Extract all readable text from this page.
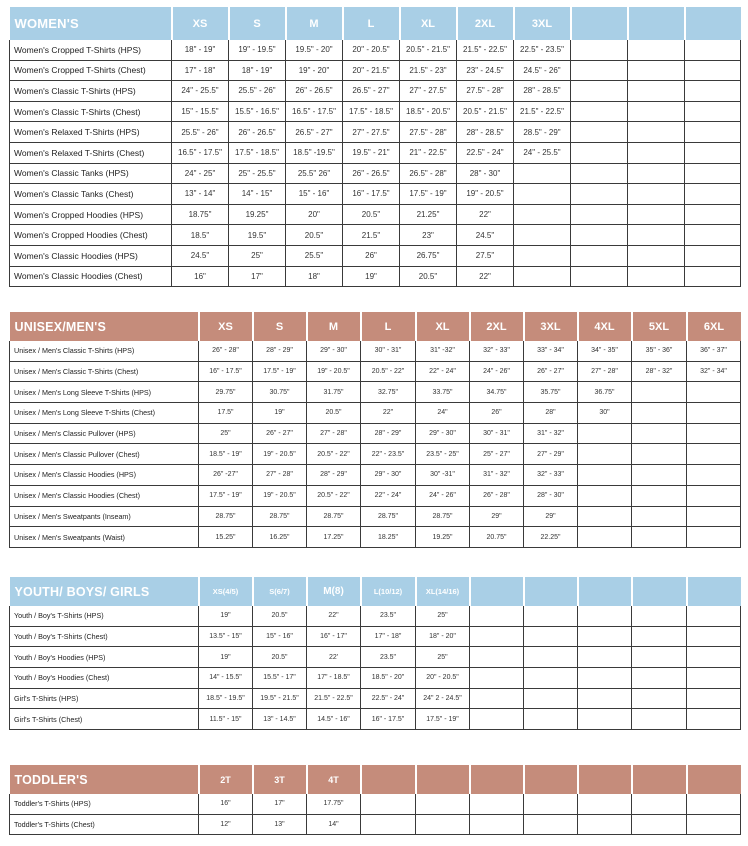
WOMEN'S	XS	S	M	L	XL	2XL	3XL			
Women's Cropped T-Shirts (HPS)	18" - 19"	19" - 19.5"	19.5" - 20"	20" - 20.5"	20.5" - 21.5"	21.5" - 22.5"	22.5" - 23.5"			
Women's Cropped T-Shirts (Chest)	17" - 18"	18" - 19"	19" - 20"	20" - 21.5"	21.5" - 23"	23" - 24.5"	24.5" - 26"			
Women's Classic T-Shirts (HPS)	24" - 25.5"	25.5" - 26"	26" - 26.5"	26.5" - 27"	27" - 27.5"	27.5" - 28"	28" - 28.5"			
Women's Classic T-Shirts (Chest)	15" - 15.5"	15.5" - 16.5"	16.5" - 17.5"	17.5" - 18.5"	18.5" - 20.5"	20.5" - 21.5"	21.5" - 22.5"			
Women's Relaxed T-Shirts (HPS)	25.5" - 26"	26" - 26.5"	26.5" - 27"	27" - 27.5"	27.5" - 28"	28" - 28.5"	28.5" - 29"			
Women's Relaxed T-Shirts (Chest)	16.5" - 17.5"	17.5" - 18.5"	18.5" -19.5"	19.5" - 21"	21" - 22.5"	22.5" - 24"	24" - 25.5"			
Women's Classic Tanks (HPS)	24" - 25"	25" - 25.5"	25.5" 26"	26" - 26.5"	26.5" - 28"	28" - 30"				
Women's Classic Tanks (Chest)	13" - 14"	14" - 15"	15" - 16"	16" - 17.5"	17.5" - 19"	19" - 20.5"				
Women's Cropped Hoodies (HPS)	18.75"	19.25"	20"	20.5"	21.25"	22"				
Women's Cropped Hoodies (Chest)	18.5"	19.5"	20.5"	21.5"	23"	24.5"				
Women's Classic Hoodies (HPS)	24.5"	25"	25.5"	26"	26.75"	27.5"				
Women's Classic Hoodies (Chest)	16"	17"	18"	19"	20.5"	22"				
UNISEX/MEN'S	XS	S	M	L	XL	2XL	3XL	4XL	5XL	6XL
Unisex / Men's Classic T-Shirts (HPS)	26" - 28"	28" - 29"	29" - 30"	30" - 31"	31" -32"	32" - 33"	33" - 34"	34" - 35"	35" - 36"	36" - 37"
Unisex / Men's Classic T-Shirts (Chest)	16" - 17.5"	17.5" - 19"	19" - 20.5"	20.5" - 22"	22" - 24"	24" - 26"	26" - 27"	27" - 28"	28" - 32"	32" - 34"
Unisex / Men's Long Sleeve T-Shirts (HPS)	29.75"	30.75"	31.75"	32.75"	33.75"	34.75"	35.75"	36.75"		
Unisex / Men's Long Sleeve T-Shirts (Chest)	17.5"	19"	20.5"	22"	24"	26"	28"	30"		
Unisex / Men's Classic Pullover (HPS)	25"	26" - 27"	27" - 28"	28" - 29"	29" - 30"	30" - 31"	31" - 32"			
Unisex / Men's Classic Pullover (Chest)	18.5" - 19"	19" - 20.5"	20.5" - 22"	22" - 23.5"	23.5" - 25"	25" - 27"	27" - 29"			
Unisex / Men's Classic Hoodies (HPS)	26" -27"	27" - 28"	28" - 29"	29" - 30"	30" -31"	31" - 32"	32" - 33"			
Unisex / Men's Classic Hoodies (Chest)	17.5" - 19"	19" - 20.5"	20.5" - 22"	22" - 24"	24" - 26"	26" - 28"	28" - 30"			
Unisex / Men's Sweatpants (Inseam)	28.75"	28.75"	28.75"	28.75"	28.75"	29"	29"			
Unisex / Men's Sweatpants (Waist)	15.25"	16.25"	17.25"	18.25"	19.25"	20.75"	22.25"			
YOUTH/ BOYS/ GIRLS	XS(4/5)	S(6/7)	M(8)	L(10/12)	XL(14/16)					
Youth / Boy's T-Shirts (HPS)	19"	20.5"	22"	23.5"	25"					
Youth / Boy's T-Shirts (Chest)	13.5" - 15"	15" - 16"	16" - 17"	17" - 18"	18" - 20"					
Youth / Boy's Hoodies (HPS)	19"	20.5"	22'	23.5"	25"					
Youth / Boy's Hoodies (Chest)	14" - 15.5"	15.5" - 17"	17" - 18.5"	18.5" - 20"	20" - 20.5"					
Girl's T-Shirts (HPS)	18.5" - 19.5"	19.5" - 21.5"	21.5" - 22.5"	22.5" - 24"	24" 2 - 24.5"					
Girl's T-Shirts (Chest)	11.5" - 15"	13" - 14.5"	14.5" - 16"	16" - 17.5"	17.5" - 19"					
TODDLER'S	2T	3T	4T							
Toddler's T-Shirts (HPS)	16"	17"	17.75"							
Toddler's T-Shirts (Chest)	12"	13"	14"							
